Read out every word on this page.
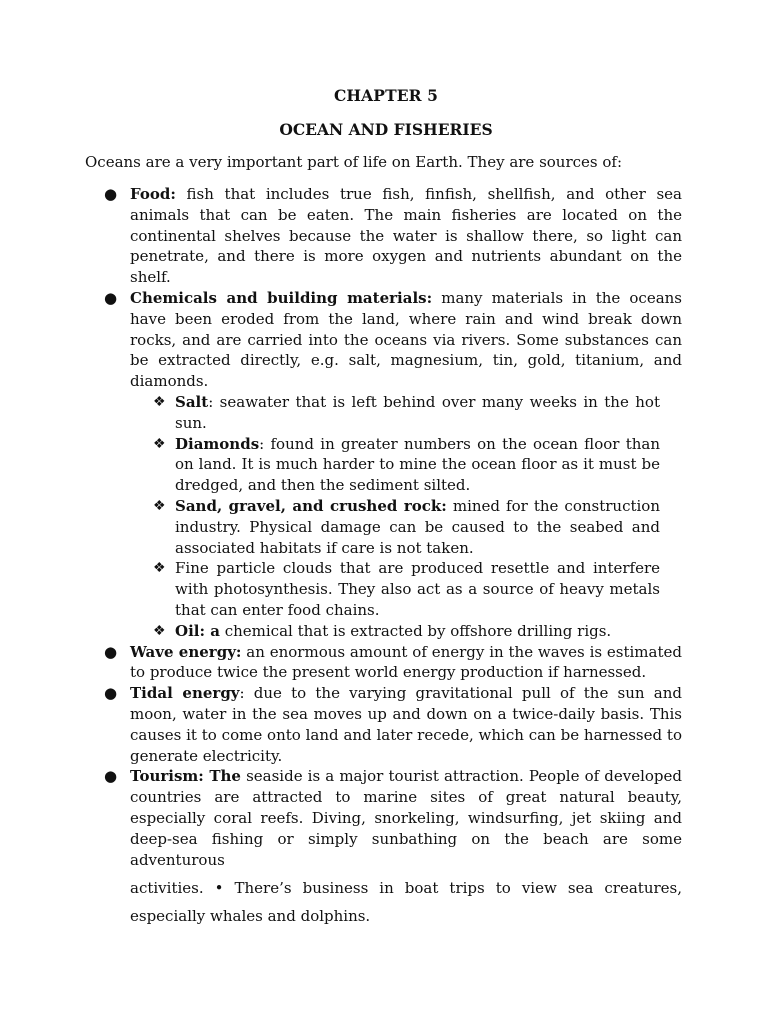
CHAPTER 5
OCEAN AND FISHERIES
Oceans are a very important part of life on Earth. They are sources of:
● Food: fish that includes true fish, finfish, shellfish, and other sea animals that can be eaten. The main fisheries are located on the continental shelves because the water is shallow there, so light can penetrate, and there is more oxygen and nutrients abundant on the shelf.
● Chemicals and building materials: many materials in the oceans have been eroded from the land, where rain and wind break down rocks, and are carried into the oceans via rivers. Some substances can be extracted directly, e.g. salt, magnesium, tin, gold, titanium, and diamonds.
❖ Salt: seawater that is left behind over many weeks in the hot sun.
❖ Diamonds: found in greater numbers on the ocean floor than on land. It is much harder to mine the ocean floor as it must be dredged, and then the sediment silted.
❖ Sand, gravel, and crushed rock: mined for the construction industry. Physical damage can be caused to the seabed and associated habitats if care is not taken.
❖ Fine particle clouds that are produced resettle and interfere with photosynthesis. They also act as a source of heavy metals that can enter food chains.
❖ Oil: a chemical that is extracted by offshore drilling rigs.
● Wave energy: an enormous amount of energy in the waves is estimated to produce twice the present world energy production if harnessed.
● Tidal energy: due to the varying gravitational pull of the sun and moon, water in the sea moves up and down on a twice-daily basis. This causes it to come onto land and later recede, which can be harnessed to generate electricity.
● Tourism: The seaside is a major tourist attraction. People of developed countries are attracted to marine sites of great natural beauty, especially coral reefs. Diving, snorkeling, windsurfing, jet skiing and deep-sea fishing or simply sunbathing on the beach are some adventurous
activities. • There’s business in boat trips to view sea creatures, especially whales and dolphins.
